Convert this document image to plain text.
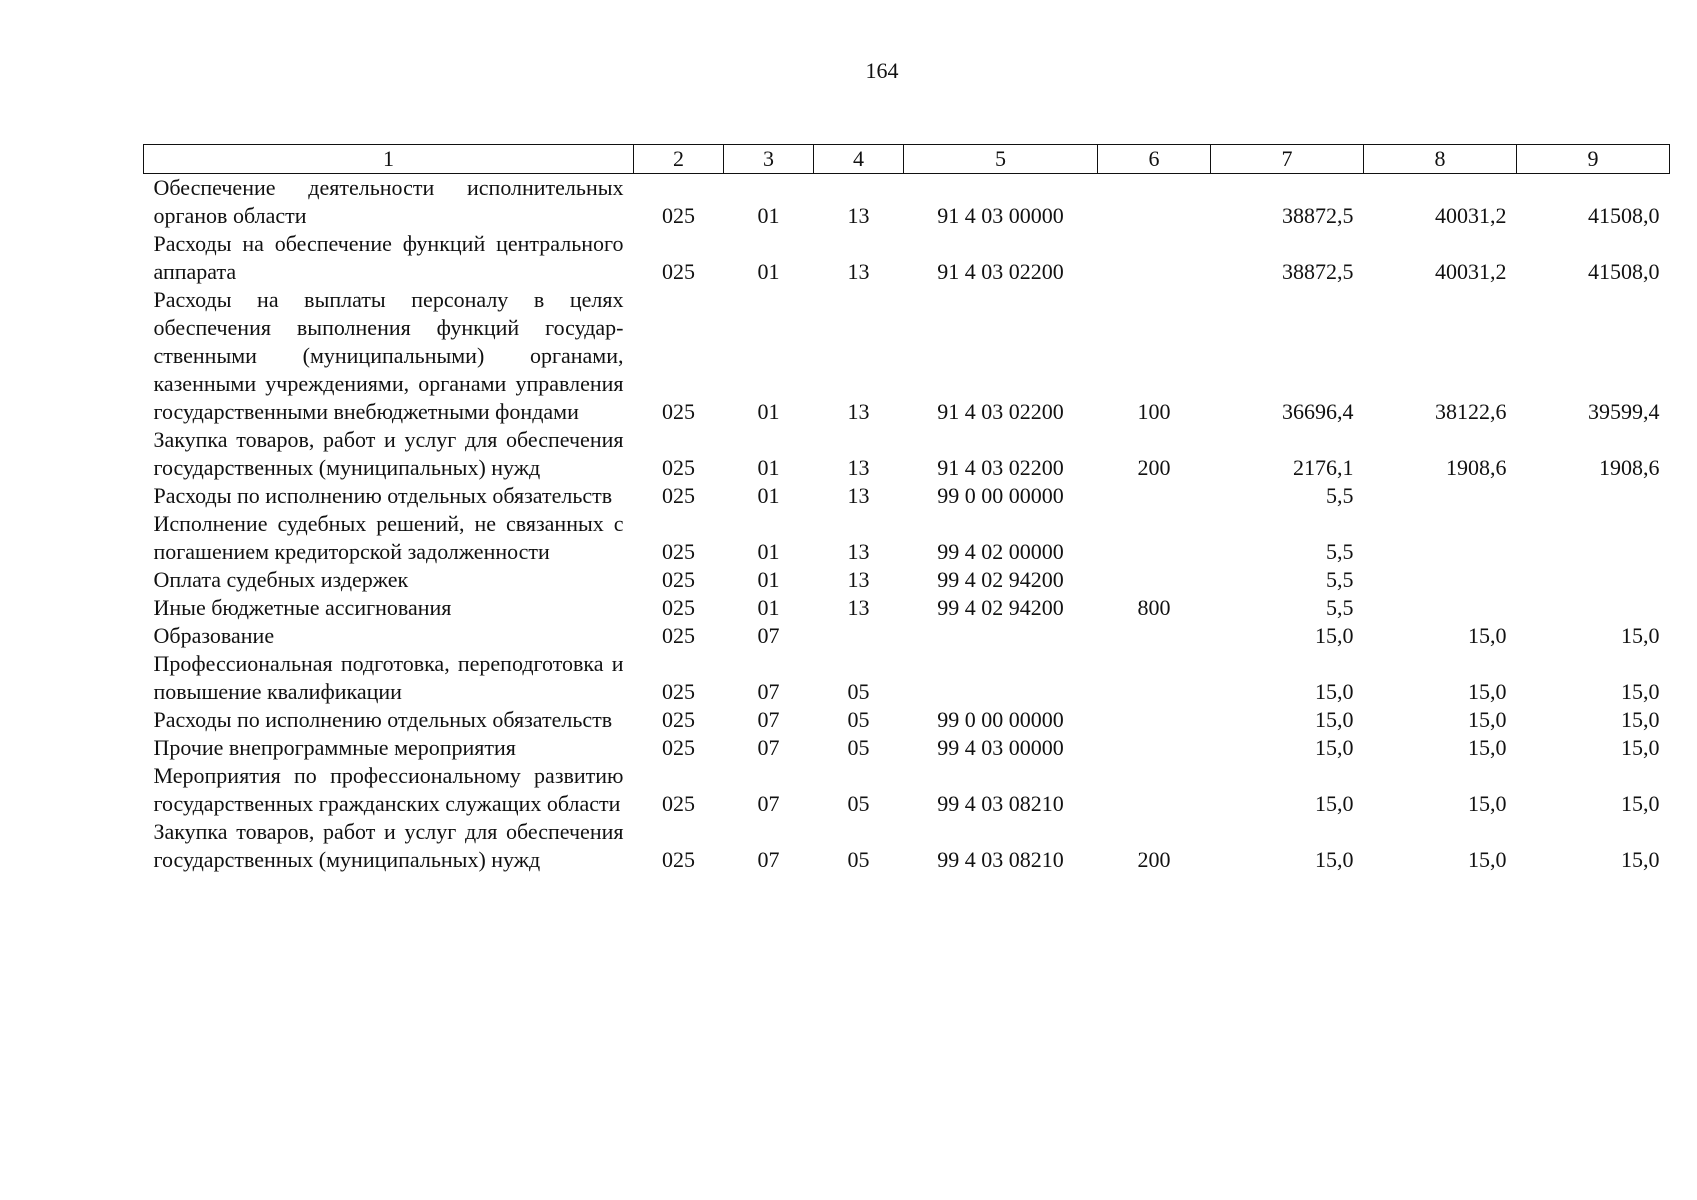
164
1	2	3	4	5	6	7	8	9
Обеспечение деятельности исполнительных органов области	025	01	13	91 4 03 00000		38872,5	40031,2	41508,0
Расходы на обеспечение функций центрального аппарата	025	01	13	91 4 03 02200		38872,5	40031,2	41508,0
Расходы на выплаты персоналу в целях обеспечения выполнения функций государственными (муниципальными) органами, казенными учреждениями, органами управления государственными внебюджетными фондами	025	01	13	91 4 03 02200	100	36696,4	38122,6	39599,4
Закупка товаров, работ и услуг для обеспечения государственных (муниципальных) нужд	025	01	13	91 4 03 02200	200	2176,1	1908,6	1908,6
Расходы по исполнению отдельных обязательств	025	01	13	99 0 00 00000		5,5		
Исполнение судебных решений, не связанных с погашением кредиторской задолженности	025	01	13	99 4 02 00000		5,5		
Оплата судебных издержек	025	01	13	99 4 02 94200		5,5		
Иные бюджетные ассигнования	025	01	13	99 4 02 94200	800	5,5		
Образование	025	07				15,0	15,0	15,0
Профессиональная подготовка, переподготовка и повышение квалификации	025	07	05			15,0	15,0	15,0
Расходы по исполнению отдельных обязательств	025	07	05	99 0 00 00000		15,0	15,0	15,0
Прочие внепрограммные мероприятия	025	07	05	99 4 03 00000		15,0	15,0	15,0
Мероприятия по профессиональному развитию государственных гражданских служащих области	025	07	05	99 4 03 08210		15,0	15,0	15,0
Закупка товаров, работ и услуг для обеспечения государственных (муниципальных) нужд	025	07	05	99 4 03 08210	200	15,0	15,0	15,0
